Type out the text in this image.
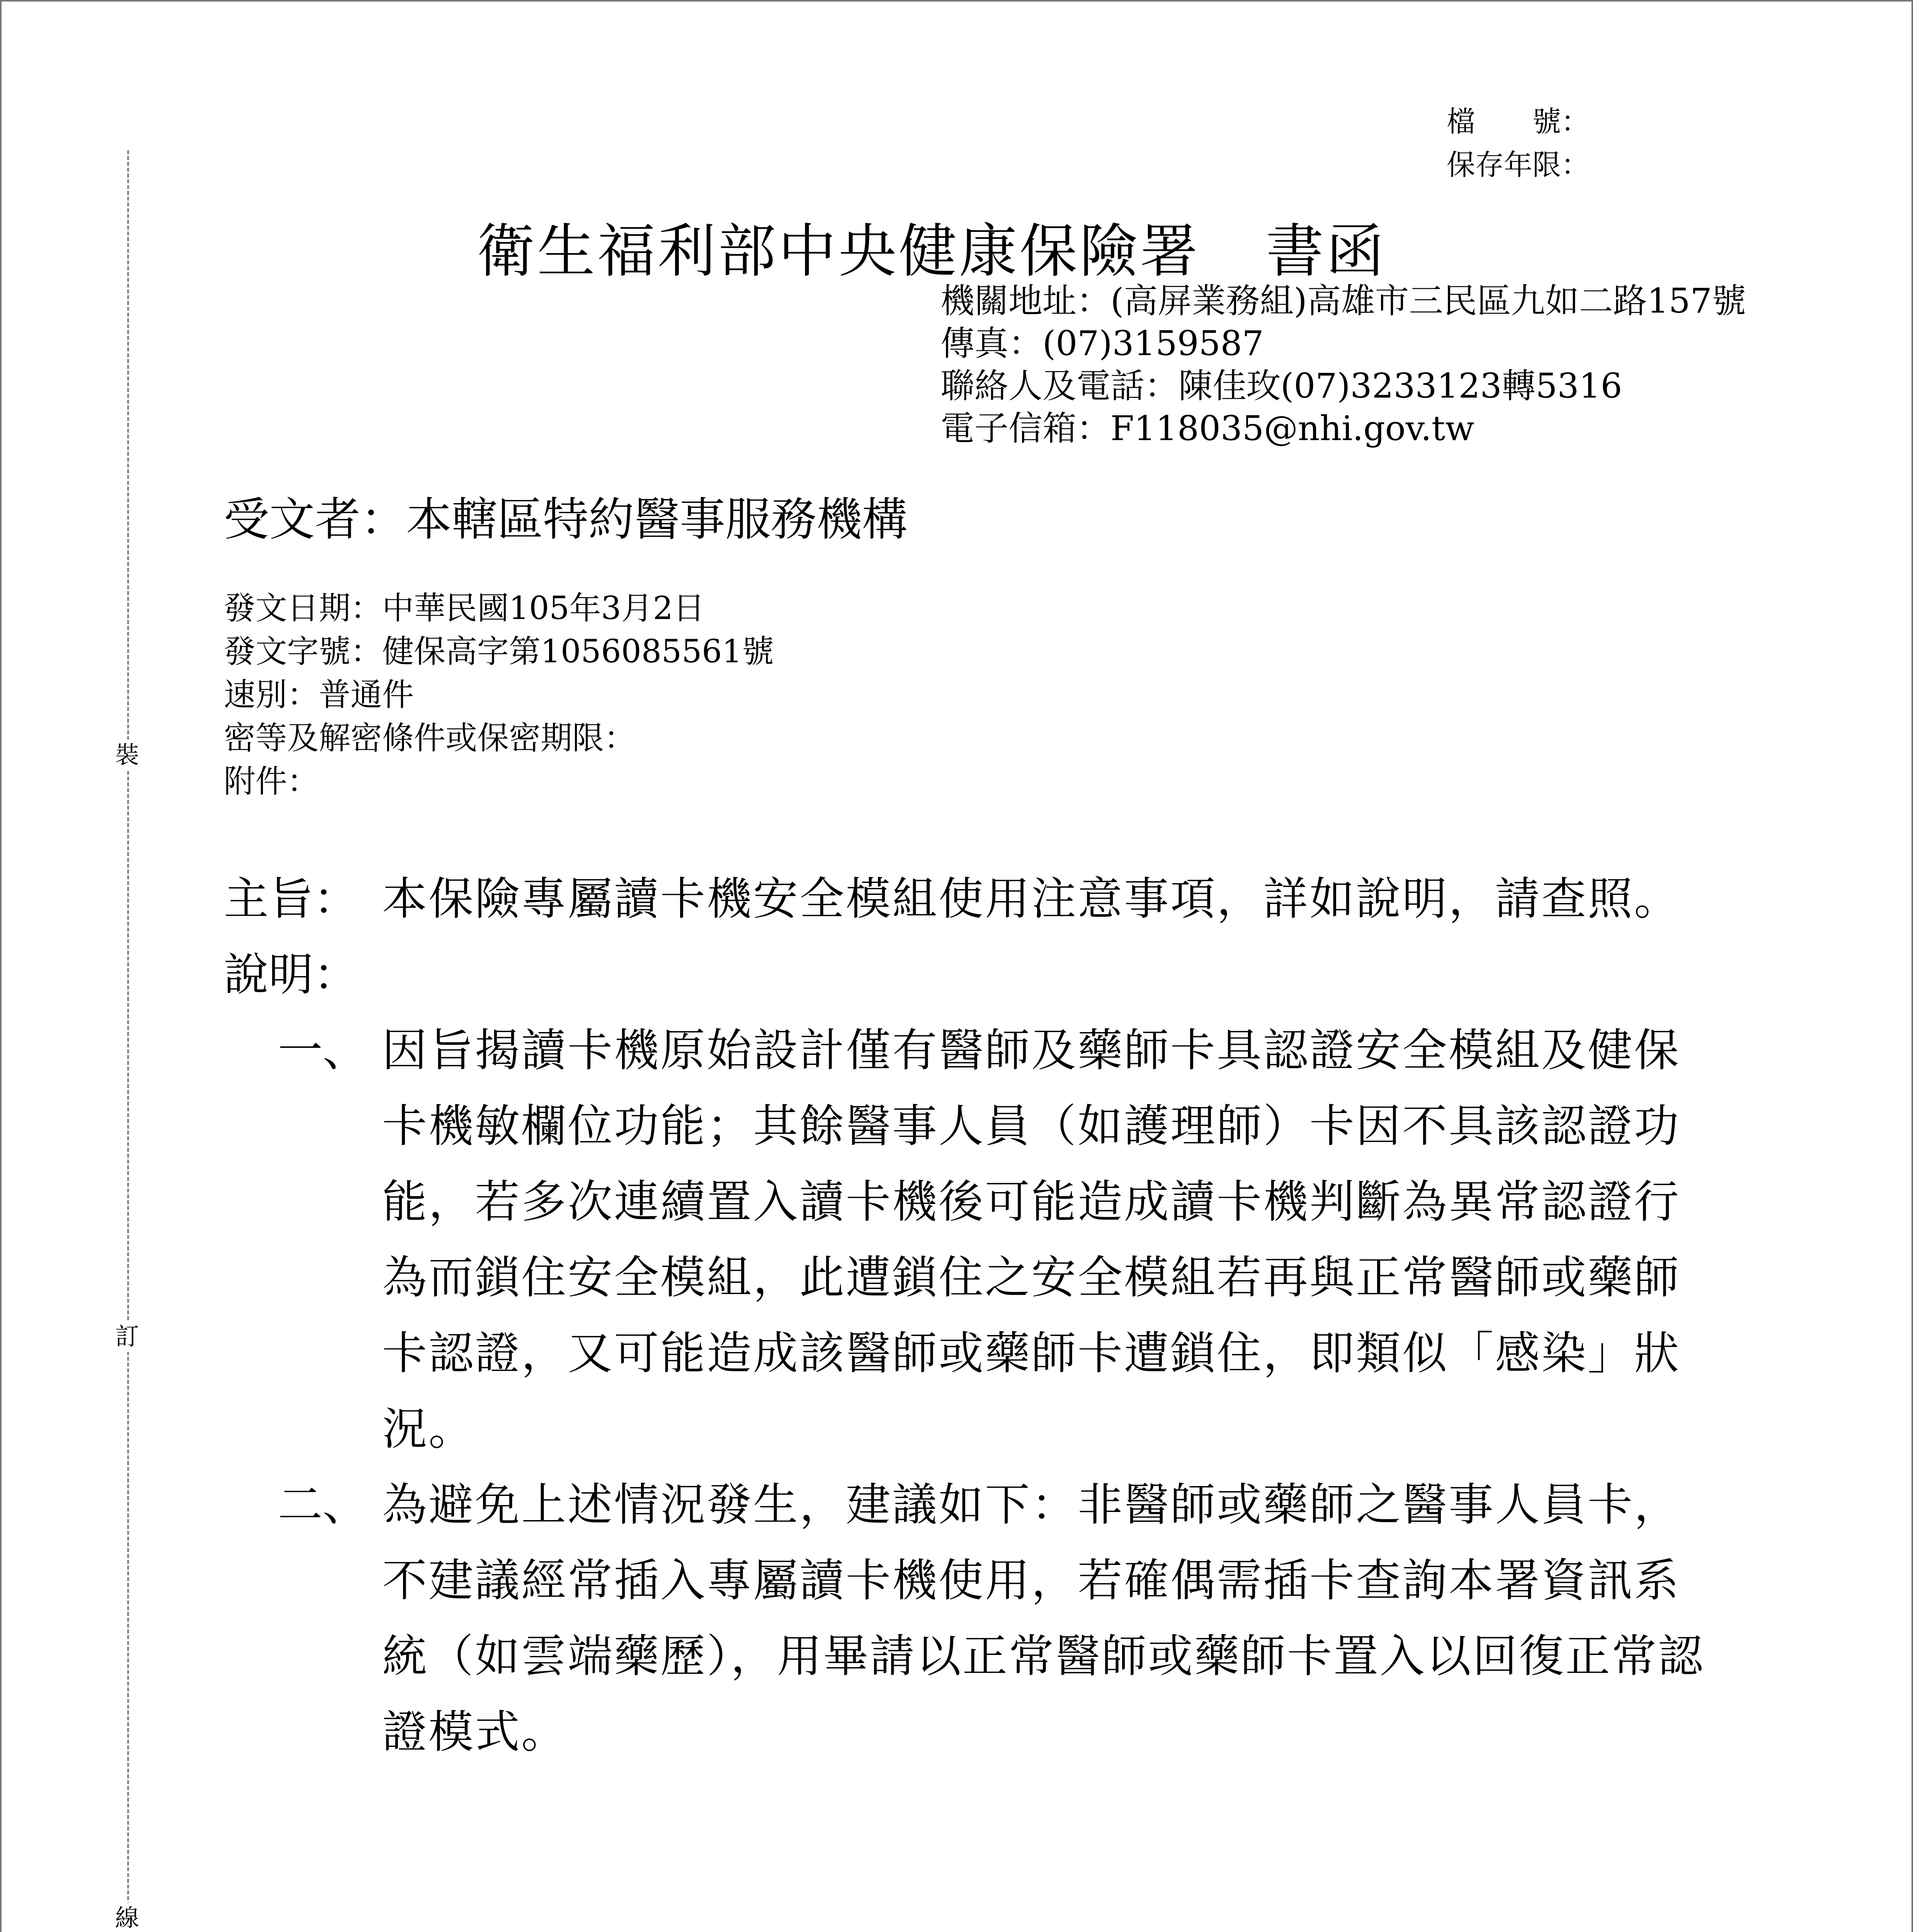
裝
訂
線
檔　　號：
保存年限：
衛生福利部中央健康保險署 書函
機關地址：(高屏業務組)高雄市三民區九如二路157號
傳真：(07)3159587
聯絡人及電話：陳佳玫(07)3233123轉5316
電子信箱：F118035@nhi.gov.tw
受文者：本轄區特約醫事服務機構
發文日期：中華民國105年3月2日
發文字號：健保高字第1056085561號
速別：普通件
密等及解密條件或保密期限：
附件：
主旨： 本保險專屬讀卡機安全模組使用注意事項，詳如說明，請查照。
說明：
一、 因旨揭讀卡機原始設計僅有醫師及藥師卡具認證安全模組及健保卡機敏欄位功能；其餘醫事人員（如護理師）卡因不具該認證功能，若多次連續置入讀卡機後可能造成讀卡機判斷為異常認證行為而鎖住安全模組，此遭鎖住之安全模組若再與正常醫師或藥師卡認證，又可能造成該醫師或藥師卡遭鎖住，即類似「感染」狀況。
二、 為避免上述情況發生，建議如下：非醫師或藥師之醫事人員卡，不建議經常插入專屬讀卡機使用，若確偶需插卡查詢本署資訊系統（如雲端藥歷），用畢請以正常醫師或藥師卡置入以回復正常認證模式。
